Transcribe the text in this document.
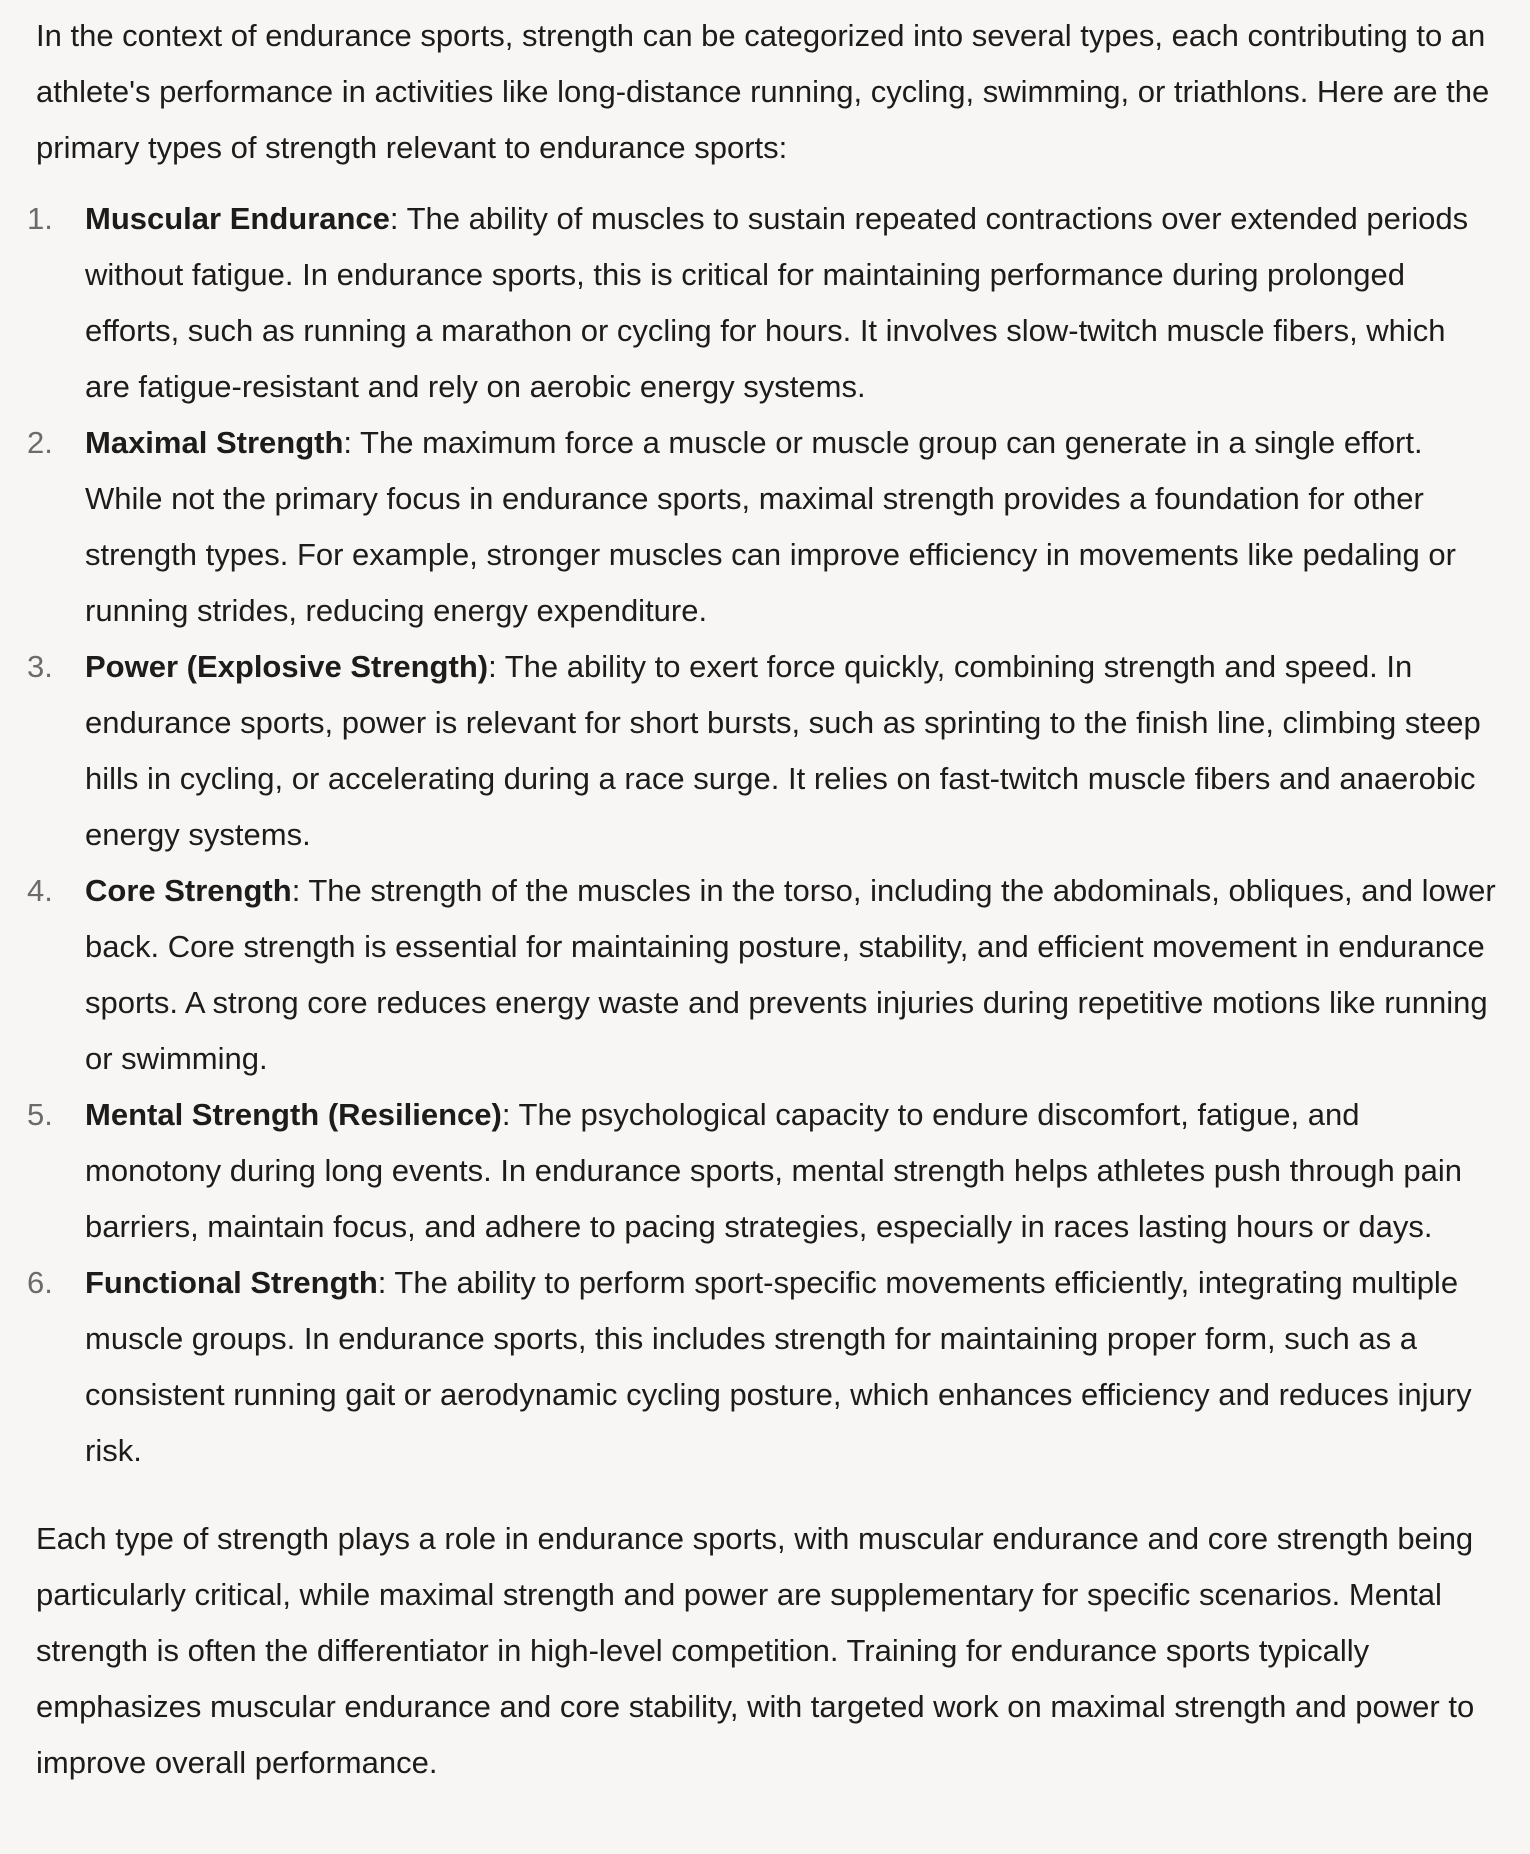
In the context of endurance sports, strength can be categorized into several types, each contributing to an athlete's performance in activities like long-distance running, cycling, swimming, or triathlons. Here are the primary types of strength relevant to endurance sports:

1. Muscular Endurance: The ability of muscles to sustain repeated contractions over extended periods without fatigue. In endurance sports, this is critical for maintaining performance during prolonged efforts, such as running a marathon or cycling for hours. It involves slow-twitch muscle fibers, which are fatigue-resistant and rely on aerobic energy systems.
2. Maximal Strength: The maximum force a muscle or muscle group can generate in a single effort. While not the primary focus in endurance sports, maximal strength provides a foundation for other strength types. For example, stronger muscles can improve efficiency in movements like pedaling or running strides, reducing energy expenditure.
3. Power (Explosive Strength): The ability to exert force quickly, combining strength and speed. In endurance sports, power is relevant for short bursts, such as sprinting to the finish line, climbing steep hills in cycling, or accelerating during a race surge. It relies on fast-twitch muscle fibers and anaerobic energy systems.
4. Core Strength: The strength of the muscles in the torso, including the abdominals, obliques, and lower back. Core strength is essential for maintaining posture, stability, and efficient movement in endurance sports. A strong core reduces energy waste and prevents injuries during repetitive motions like running or swimming.
5. Mental Strength (Resilience): The psychological capacity to endure discomfort, fatigue, and monotony during long events. In endurance sports, mental strength helps athletes push through pain barriers, maintain focus, and adhere to pacing strategies, especially in races lasting hours or days.
6. Functional Strength: The ability to perform sport-specific movements efficiently, integrating multiple muscle groups. In endurance sports, this includes strength for maintaining proper form, such as a consistent running gait or aerodynamic cycling posture, which enhances efficiency and reduces injury risk.

Each type of strength plays a role in endurance sports, with muscular endurance and core strength being particularly critical, while maximal strength and power are supplementary for specific scenarios. Mental strength is often the differentiator in high-level competition. Training for endurance sports typically emphasizes muscular endurance and core stability, with targeted work on maximal strength and power to improve overall performance.
